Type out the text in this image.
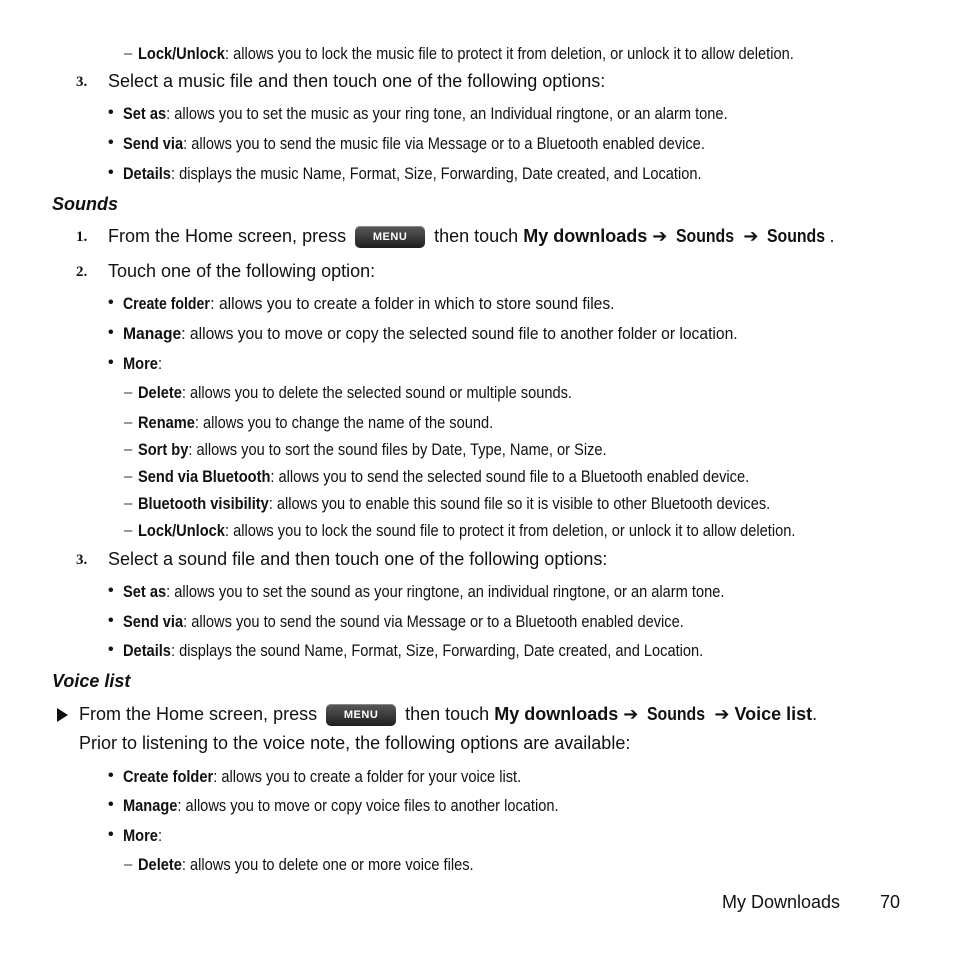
– Lock/Unlock: allows you to lock the music file to protect it from deletion, or unlock it to allow deletion.
3. Select a music file and then touch one of the following options:
• Set as: allows you to set the music as your ring tone, an Individual ringtone, or an alarm tone.
• Send via: allows you to send the music file via Message or to a Bluetooth enabled device.
• Details: displays the music Name, Format, Size, Forwarding, Date created, and Location.
Sounds
1. From the Home screen, press MENU then touch My downloads ➔ Sounds ➔ Sounds .
2. Touch one of the following option:
• Create folder: allows you to create a folder in which to store sound files.
• Manage: allows you to move or copy the selected sound file to another folder or location.
• More:
– Delete: allows you to delete the selected sound or multiple sounds.
– Rename: allows you to change the name of the sound.
– Sort by: allows you to sort the sound files by Date, Type, Name, or Size.
– Send via Bluetooth: allows you to send the selected sound file to a Bluetooth enabled device.
– Bluetooth visibility: allows you to enable this sound file so it is visible to other Bluetooth devices.
– Lock/Unlock: allows you to lock the sound file to protect it from deletion, or unlock it to allow deletion.
3. Select a sound file and then touch one of the following options:
• Set as: allows you to set the sound as your ringtone, an individual ringtone, or an alarm tone.
• Send via: allows you to send the sound via Message or to a Bluetooth enabled device.
• Details: displays the sound Name, Format, Size, Forwarding, Date created, and Location.
Voice list
From the Home screen, press MENU then touch My downloads ➔ Sounds ➔ Voice list.
Prior to listening to the voice note, the following options are available:
• Create folder: allows you to create a folder for your voice list.
• Manage: allows you to move or copy voice files to another location.
• More:
– Delete: allows you to delete one or more voice files.
My Downloads 70
